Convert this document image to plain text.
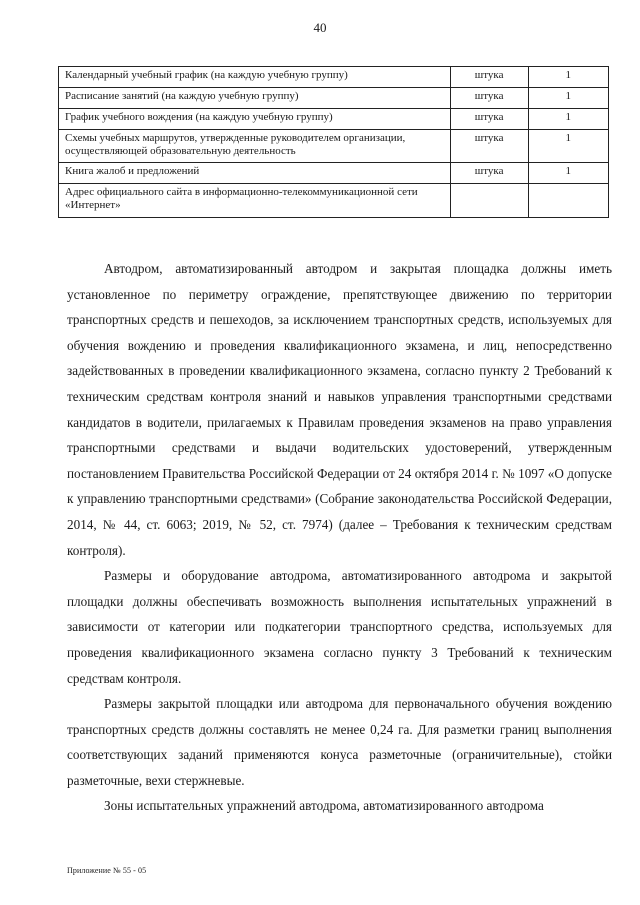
40
Календарный учебный график (на каждую учебную группу)	штука	1
Расписание занятий (на каждую учебную группу)	штука	1
График учебного вождения (на каждую учебную группу)	штука	1
Схемы учебных маршрутов, утвержденные руководителем организации, осуществляющей образовательную деятельность	штука	1
Книга жалоб и предложений	штука	1
Адрес официального сайта в информационно-телекоммуникационной сети «Интернет»		

Автодром, автоматизированный автодром и закрытая площадка должны иметь установленное по периметру ограждение, препятствующее движению по территории транспортных средств и пешеходов, за исключением транспортных средств, используемых для обучения вождению и проведения квалификационного экзамена, и лиц, непосредственно задействованных в проведении квалификационного экзамена, согласно пункту 2 Требований к техническим средствам контроля знаний и навыков управления транспортными средствами кандидатов в водители, прилагаемых к Правилам проведения экзаменов на право управления транспортными средствами и выдачи водительских удостоверений, утвержденным постановлением Правительства Российской Федерации от 24 октября 2014 г. № 1097 «О допуске к управлению транспортными средствами» (Собрание законодательства Российской Федерации, 2014, № 44, ст. 6063; 2019, № 52, ст. 7974) (далее – Требования к техническим средствам контроля).

Размеры и оборудование автодрома, автоматизированного автодрома и закрытой площадки должны обеспечивать возможность выполнения испытательных упражнений в зависимости от категории или подкатегории транспортного средства, используемых для проведения квалификационного экзамена согласно пункту 3 Требований к техническим средствам контроля.

Размеры закрытой площадки или автодрома для первоначального обучения вождению транспортных средств должны составлять не менее 0,24 га. Для разметки границ выполнения соответствующих заданий применяются конуса разметочные (ограничительные), стойки разметочные, вехи стержневые.

Зоны испытательных упражнений автодрома, автоматизированного автодрома

Приложение № 55 - 05
